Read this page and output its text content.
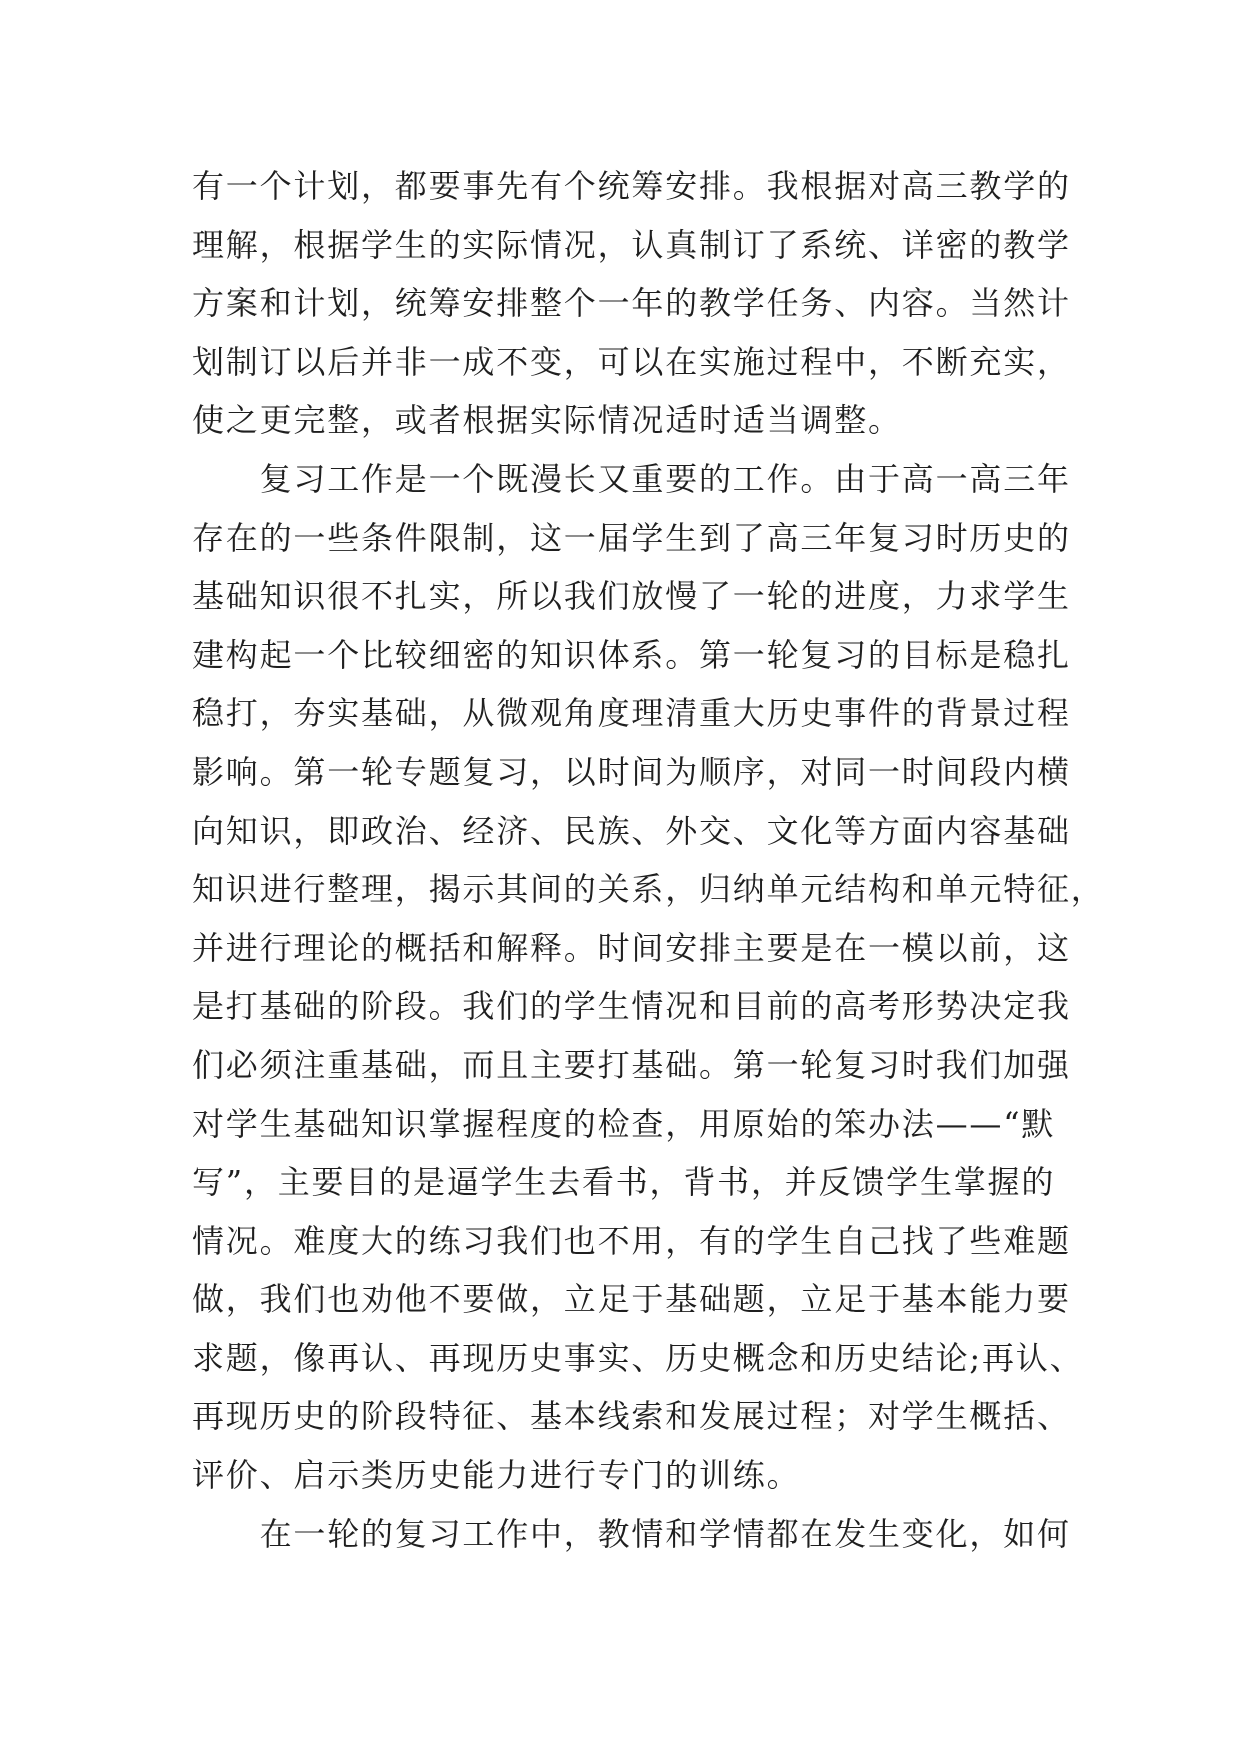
有一个计划，都要事先有个统筹安排。我根据对高三教学的
理解，根据学生的实际情况，认真制订了系统、详密的教学
方案和计划，统筹安排整个一年的教学任务、内容。当然计
划制订以后并非一成不变，可以在实施过程中，不断充实，
使之更完整，或者根据实际情况适时适当调整。
复习工作是一个既漫长又重要的工作。由于高一高三年
存在的一些条件限制，这一届学生到了高三年复习时历史的
基础知识很不扎实，所以我们放慢了一轮的进度，力求学生
建构起一个比较细密的知识体系。第一轮复习的目标是稳扎
稳打，夯实基础，从微观角度理清重大历史事件的背景过程
影响。第一轮专题复习，以时间为顺序，对同一时间段内横
向知识，即政治、经济、民族、外交、文化等方面内容基础
知识进行整理，揭示其间的关系，归纳单元结构和单元特征，
并进行理论的概括和解释。时间安排主要是在一模以前，这
是打基础的阶段。我们的学生情况和目前的高考形势决定我
们必须注重基础，而且主要打基础。第一轮复习时我们加强
对学生基础知识掌握程度的检查，用原始的笨办法——“默
写”，主要目的是逼学生去看书，背书，并反馈学生掌握的
情况。难度大的练习我们也不用，有的学生自己找了些难题
做，我们也劝他不要做，立足于基础题，立足于基本能力要
求题，像再认、再现历史事实、历史概念和历史结论;再认、
再现历史的阶段特征、基本线索和发展过程；对学生概括、
评价、启示类历史能力进行专门的训练。
在一轮的复习工作中，教情和学情都在发生变化，如何
